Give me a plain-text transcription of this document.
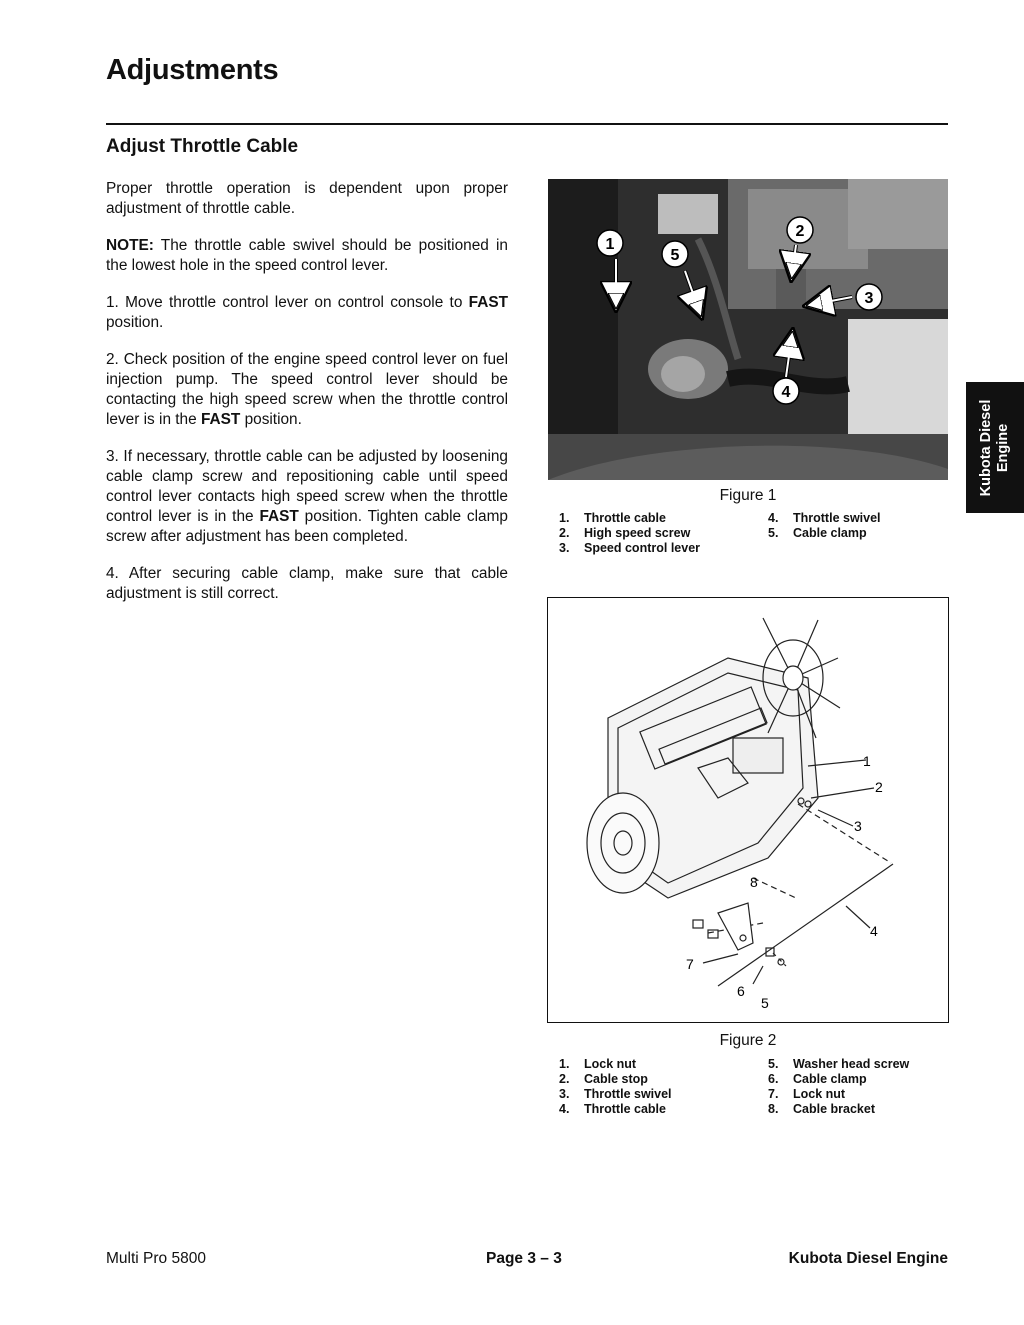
Adjustments
Adjust Throttle Cable

Proper throttle operation is dependent upon proper adjustment of throttle cable.

NOTE: The throttle cable swivel should be positioned in the lowest hole in the speed control lever.

1. Move throttle control lever on control console to FAST position.

2. Check position of the engine speed control lever on fuel injection pump. The speed control lever should be contacting the high speed screw when the throttle control lever is in the FAST position.

3. If necessary, throttle cable can be adjusted by loosening cable clamp screw and repositioning cable until speed control lever contacts high speed screw when the throttle control lever is in the FAST position. Tighten cable clamp screw after adjustment has been completed.

4. After securing cable clamp, make sure that cable adjustment is still correct.

1
2
3
4
5
Figure 1
1. Throttle cable
2. High speed screw
3. Speed control lever
4. Throttle swivel
5. Cable clamp
1
2
3
4
5
6
7
8
Figure 2
1. Lock nut
2. Cable stop
3. Throttle swivel
4. Throttle cable
5. Washer head screw
6. Cable clamp
7. Lock nut
8. Cable bracket
Kubota Diesel Engine
Multi Pro 5800	Page 3 – 3	Kubota Diesel Engine
